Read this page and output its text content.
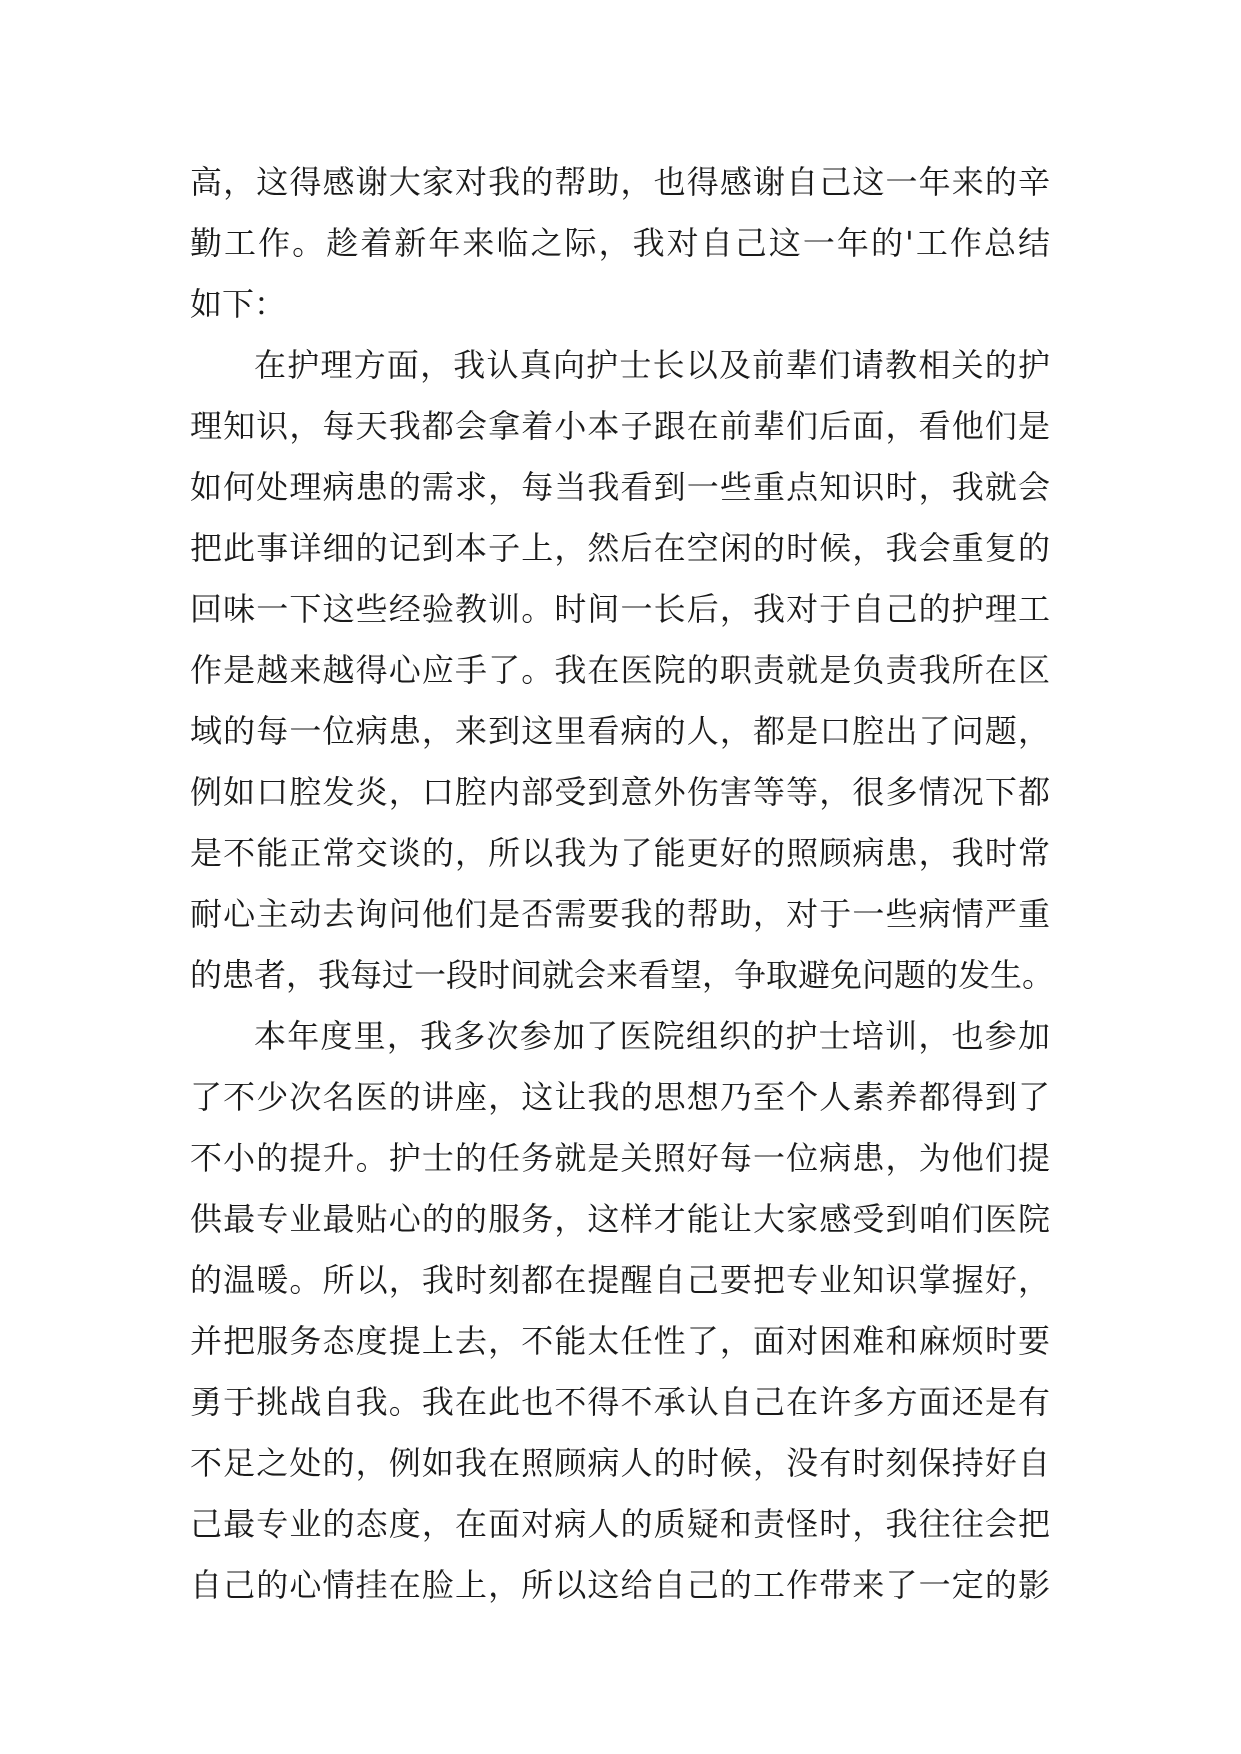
高，这得感谢大家对我的帮助，也得感谢自己这一年来的辛
勤工作。趁着新年来临之际，我对自己这一年的'工作总结
如下：
在护理方面，我认真向护士长以及前辈们请教相关的护
理知识，每天我都会拿着小本子跟在前辈们后面，看他们是
如何处理病患的需求，每当我看到一些重点知识时，我就会
把此事详细的记到本子上，然后在空闲的时候，我会重复的
回味一下这些经验教训。时间一长后，我对于自己的护理工
作是越来越得心应手了。我在医院的职责就是负责我所在区
域的每一位病患，来到这里看病的人，都是口腔出了问题，
例如口腔发炎，口腔内部受到意外伤害等等，很多情况下都
是不能正常交谈的，所以我为了能更好的照顾病患，我时常
耐心主动去询问他们是否需要我的帮助，对于一些病情严重
的患者，我每过一段时间就会来看望，争取避免问题的发生。
本年度里，我多次参加了医院组织的护士培训，也参加
了不少次名医的讲座，这让我的思想乃至个人素养都得到了
不小的提升。护士的任务就是关照好每一位病患，为他们提
供最专业最贴心的的服务，这样才能让大家感受到咱们医院
的温暖。所以，我时刻都在提醒自己要把专业知识掌握好，
并把服务态度提上去，不能太任性了，面对困难和麻烦时要
勇于挑战自我。我在此也不得不承认自己在许多方面还是有
不足之处的，例如我在照顾病人的时候，没有时刻保持好自
己最专业的态度，在面对病人的质疑和责怪时，我往往会把
自己的心情挂在脸上，所以这给自己的工作带来了一定的影
